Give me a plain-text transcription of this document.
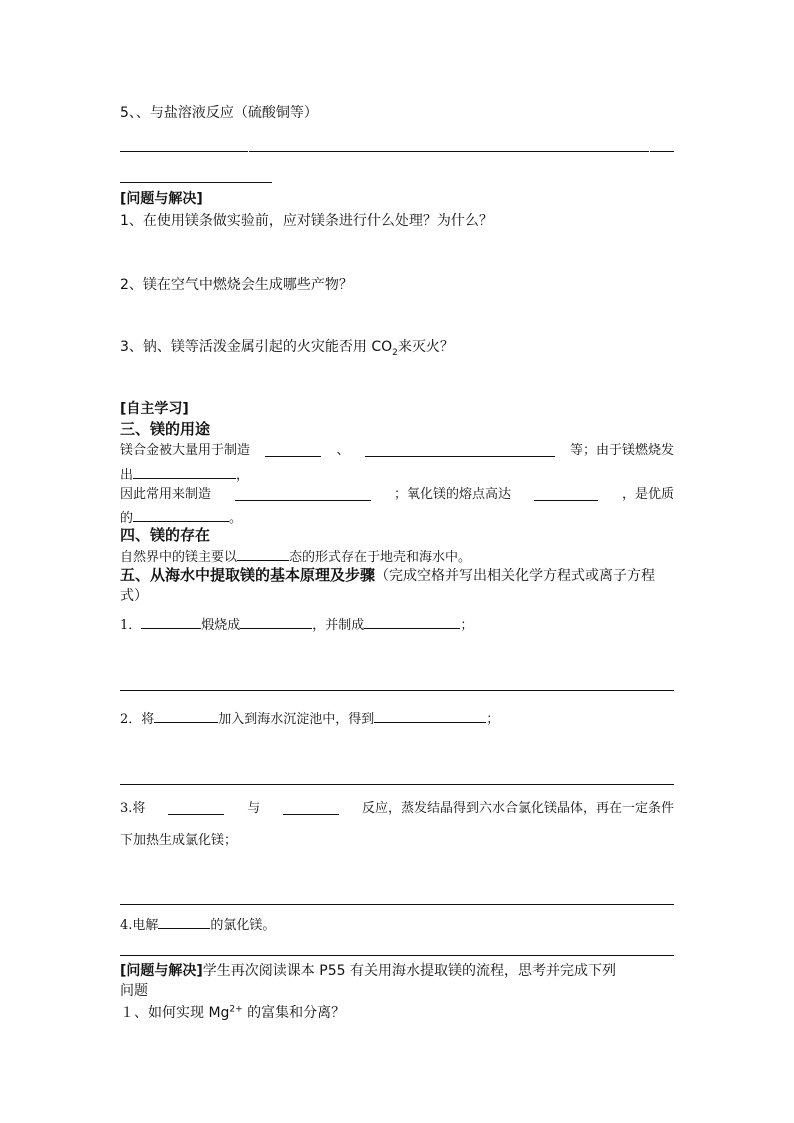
5、、与盐溶液反应（硫酸铜等）
[问题与解决]
1、在使用镁条做实验前，应对镁条进行什么处理？为什么？
2、镁在空气中燃烧会生成哪些产物？
3、钠、镁等活泼金属引起的火灾能否用 $CO_2$来灭火？
[自主学习]
三、镁的用途
镁合金被大量用于制造	、	等；由于镁燃烧发
出	，
因此常用来制造	；氧化镁的熔点高达	，是优质
的	。
四、镁的存在
自然界中的镁主要以	态的形式存在于地壳和海水中。
五、从海水中提取镁的基本原理及步骤（完成空格并写出相关化学方程式或离子方程
式）
1．	煅烧成	，并制成	；
2．将	加入到海水沉淀池中，得到	；
3.将	与	反应，蒸发结晶得到六水合氯化镁晶体，再在一定条件
下加热生成氯化镁；
4.电解	的氯化镁。
[问题与解决]学生再次阅读课本 P55 有关用海水提取镁的流程，思考并完成下列
问题
１、如何实现 $Mg^{2+}$ 的富集和分离？
